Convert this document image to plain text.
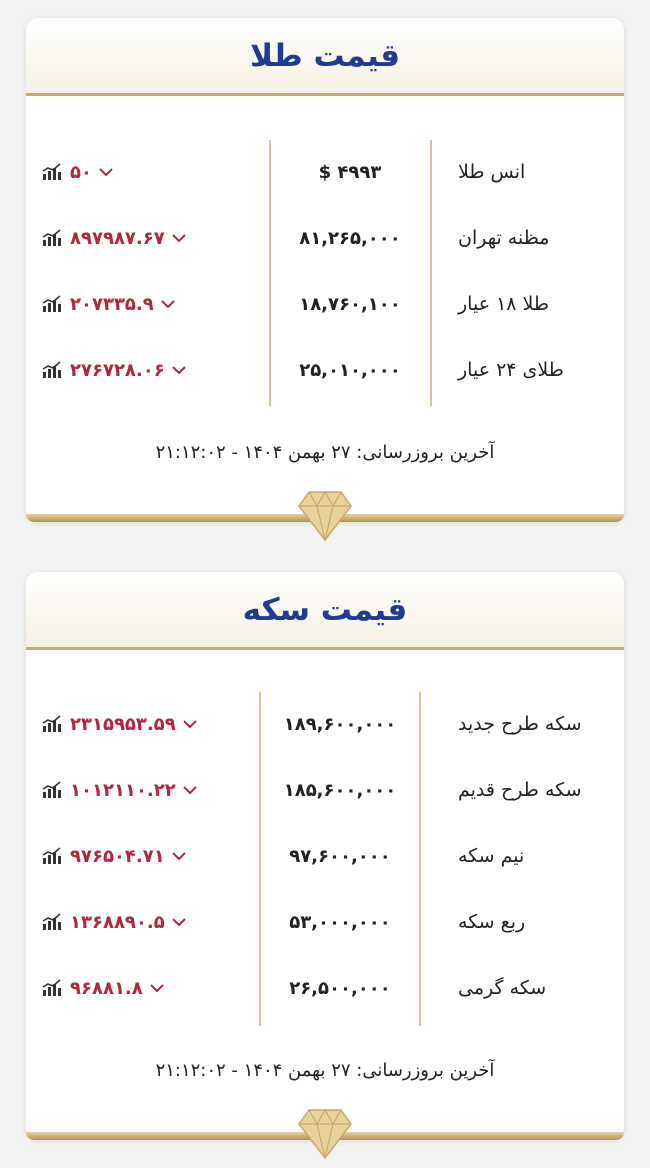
قیمت طلا
انس طلا
$ ۴۹۹۳
۵۰
مظنه تهران
۸۱,۲۶۵,۰۰۰
۸۹۷۹۸۷.۶۷
طلا ۱۸ عیار
۱۸,۷۶۰,۱۰۰
۲۰۷۳۳۵.۹
طلای ۲۴ عیار
۲۵,۰۱۰,۰۰۰
۲۷۶۷۲۸.۰۶
آخرین بروزرسانی: ۲۷ بهمن ۱۴۰۴ - ۲۱:۱۲:۰۲
قیمت سکه
سکه طرح جدید
۱۸۹,۶۰۰,۰۰۰
۲۳۱۵۹۵۳.۵۹
سکه طرح قدیم
۱۸۵,۶۰۰,۰۰۰
۱۰۱۲۱۱۰.۲۲
نیم سکه
۹۷,۶۰۰,۰۰۰
۹۷۶۵۰۴.۷۱
ربع سکه
۵۳,۰۰۰,۰۰۰
۱۳۶۸۸۹۰.۵
سکه گرمی
۲۶,۵۰۰,۰۰۰
۹۶۸۸۱.۸
آخرین بروزرسانی: ۲۷ بهمن ۱۴۰۴ - ۲۱:۱۲:۰۲
